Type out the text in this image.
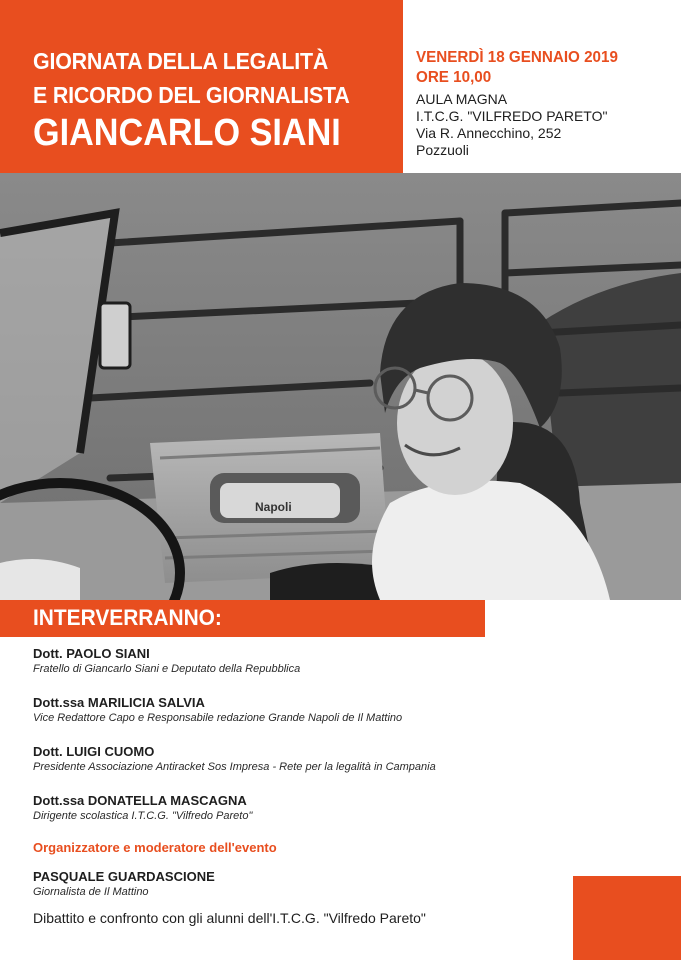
GIORNATA DELLA LEGALITÀ
E RICORDO DEL GIORNALISTA
GIANCARLO SIANI
VENERDÌ 18 GENNAIO 2019
ORE 10,00
AULA MAGNA
I.T.C.G. "VILFREDO PARETO"
Via R. Annecchino, 252
Pozzuoli
Napoli
INTERVERRANNO:
Dott. PAOLO SIANI
Fratello di Giancarlo Siani e Deputato della Repubblica
Dott.ssa MARILICIA SALVIA
Vice Redattore Capo e Responsabile redazione Grande Napoli de Il Mattino
Dott. LUIGI CUOMO
Presidente Associazione Antiracket Sos Impresa - Rete per la legalità in Campania
Dott.ssa DONATELLA MASCAGNA
Dirigente scolastica I.T.C.G. "Vilfredo Pareto"
Organizzatore e moderatore dell'evento
PASQUALE GUARDASCIONE
Giornalista de Il Mattino
Dibattito e confronto con gli alunni dell'I.T.C.G. "Vilfredo Pareto"
